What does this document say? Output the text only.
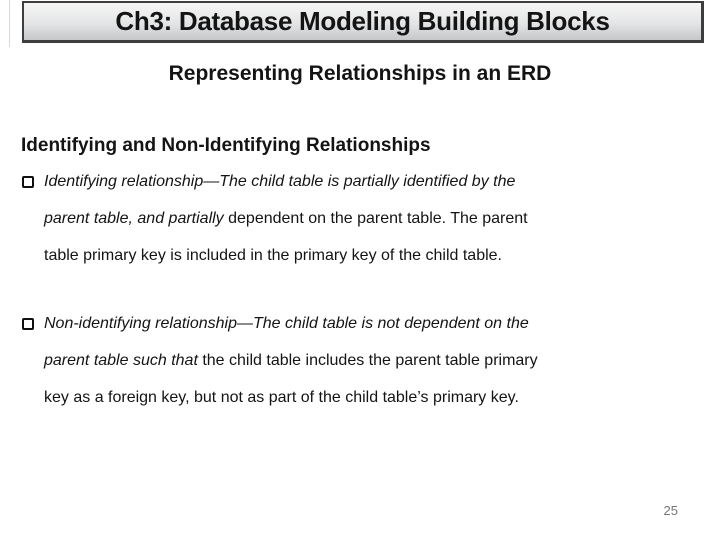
Ch3: Database Modeling Building Blocks
Representing Relationships in an ERD
Identifying and Non-Identifying Relationships
Identifying relationship—The child table is partially identified by the
parent table, and partially dependent on the parent table. The parent
table primary key is included in the primary key of the child table.
Non-identifying relationship—The child table is not dependent on the
parent table such that the child table includes the parent table primary
key as a foreign key, but not as part of the child table’s primary key.
25
